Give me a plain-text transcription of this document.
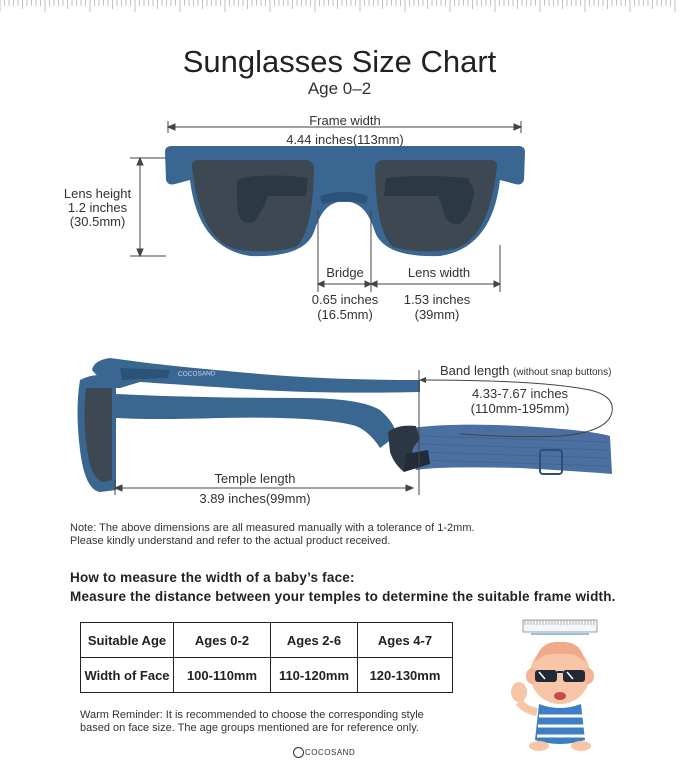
Sunglasses Size Chart
Age 0–2
Frame width
4.44 inches(113mm)
Lens height
1.2 inches
(30.5mm)
Bridge
0.65 inches
(16.5mm)
Lens width
1.53 inches
(39mm)
COCOSAND	Band length (without snap buttons)
4.33-7.67 inches
(110mm-195mm)
Temple length
3.89 inches(99mm)
Note: The above dimensions are all measured manually with a tolerance of 1-2mm.
Please kindly understand and refer to the actual product received.
How to measure the width of a baby’s face:
Measure the distance between your temples to determine the suitable frame width.
Suitable Age	Ages 0-2	Ages 2-6	Ages 4-7
Width of Face	100-110mm	110-120mm	120-130mm
Warm Reminder: It is recommended to choose the corresponding style
based on face size. The age groups mentioned are for reference only.
COCOSAND
